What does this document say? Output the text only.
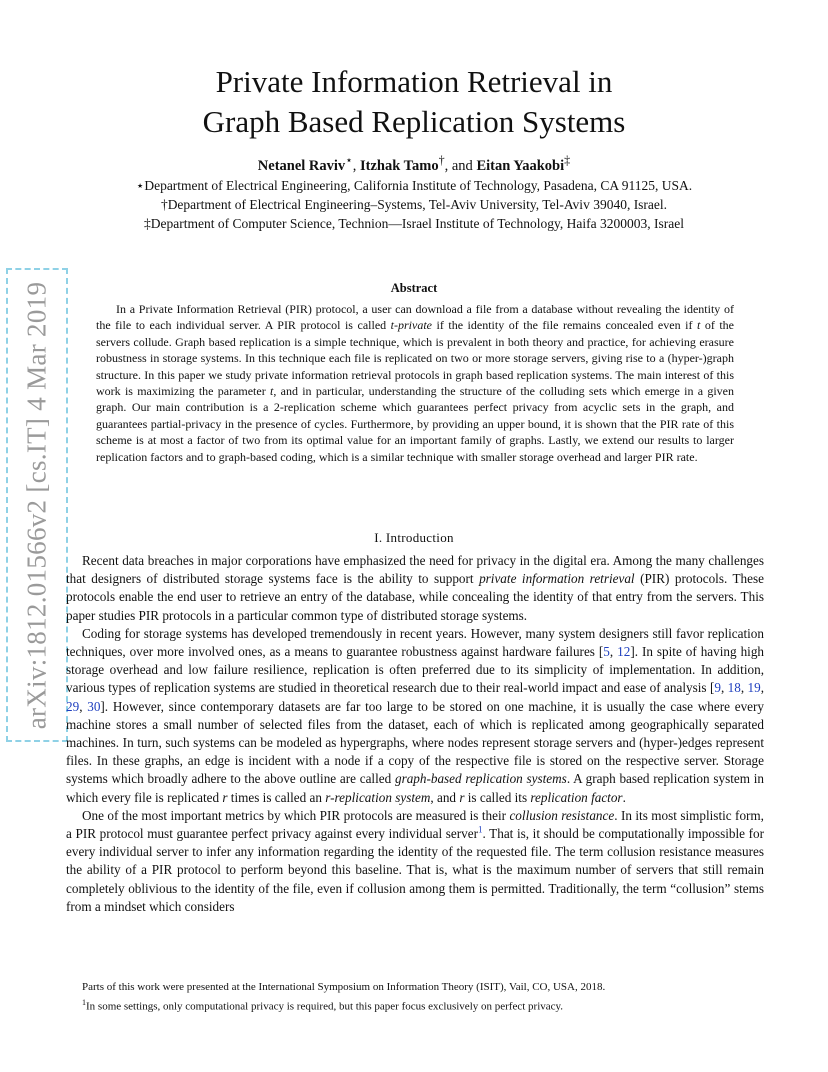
arXiv:1812.01566v2 [cs.IT] 4 Mar 2019
Private Information Retrieval in
Graph Based Replication Systems

Netanel Raviv⋆, Itzhak Tamo†, and Eitan Yaakobi‡

⋆Department of Electrical Engineering, California Institute of Technology, Pasadena, CA 91125, USA.
†Department of Electrical Engineering–Systems, Tel-Aviv University, Tel-Aviv 39040, Israel.
‡Department of Computer Science, Technion—Israel Institute of Technology, Haifa 3200003, Israel
Abstract

In a Private Information Retrieval (PIR) protocol, a user can download a file from a database without revealing the identity of the file to each individual server. A PIR protocol is called t-private if the identity of the file remains concealed even if t of the servers collude. Graph based replication is a simple technique, which is prevalent in both theory and practice, for achieving erasure robustness in storage systems. In this technique each file is replicated on two or more storage servers, giving rise to a (hyper-)graph structure. In this paper we study private information retrieval protocols in graph based replication systems. The main interest of this work is maximizing the parameter t, and in particular, understanding the structure of the colluding sets which emerge in a given graph. Our main contribution is a 2-replication scheme which guarantees perfect privacy from acyclic sets in the graph, and guarantees partial-privacy in the presence of cycles. Furthermore, by providing an upper bound, it is shown that the PIR rate of this scheme is at most a factor of two from its optimal value for an important family of graphs. Lastly, we extend our results to larger replication factors and to graph-based coding, which is a similar technique with smaller storage overhead and larger PIR rate.

I. Introduction

Recent data breaches in major corporations have emphasized the need for privacy in the digital era. Among the many challenges that designers of distributed storage systems face is the ability to support private information retrieval (PIR) protocols. These protocols enable the end user to retrieve an entry of the database, while concealing the identity of that entry from the servers. This paper studies PIR protocols in a particular common type of distributed storage systems.

Coding for storage systems has developed tremendously in recent years. However, many system designers still favor replication techniques, over more involved ones, as a means to guarantee robustness against hardware failures [5, 12]. In spite of having high storage overhead and low failure resilience, replication is often preferred due to its simplicity of implementation. In addition, various types of replication systems are studied in theoretical research due to their real-world impact and ease of analysis [9, 18, 19, 29, 30]. However, since contemporary datasets are far too large to be stored on one machine, it is usually the case where every machine stores a small number of selected files from the dataset, each of which is replicated among geographically separated machines. In turn, such systems can be modeled as hypergraphs, where nodes represent storage servers and (hyper-)edges represent files. In these graphs, an edge is incident with a node if a copy of the respective file is stored on the respective server. Storage systems which broadly adhere to the above outline are called graph-based replication systems. A graph based replication system in which every file is replicated r times is called an r-replication system, and r is called its replication factor.

One of the most important metrics by which PIR protocols are measured is their collusion resistance. In its most simplistic form, a PIR protocol must guarantee perfect privacy against every individual server$^1$. That is, it should be computationally impossible for every individual server to infer any information regarding the identity of the requested file. The term collusion resistance measures the ability of a PIR protocol to perform beyond this baseline. That is, what is the maximum number of servers that still remain completely oblivious to the identity of the file, even if collusion among them is permitted. Traditionally, the term “collusion” stems from a mindset which considers

Parts of this work were presented at the International Symposium on Information Theory (ISIT), Vail, CO, USA, 2018.

$^1$In some settings, only computational privacy is required, but this paper focus exclusively on perfect privacy.
